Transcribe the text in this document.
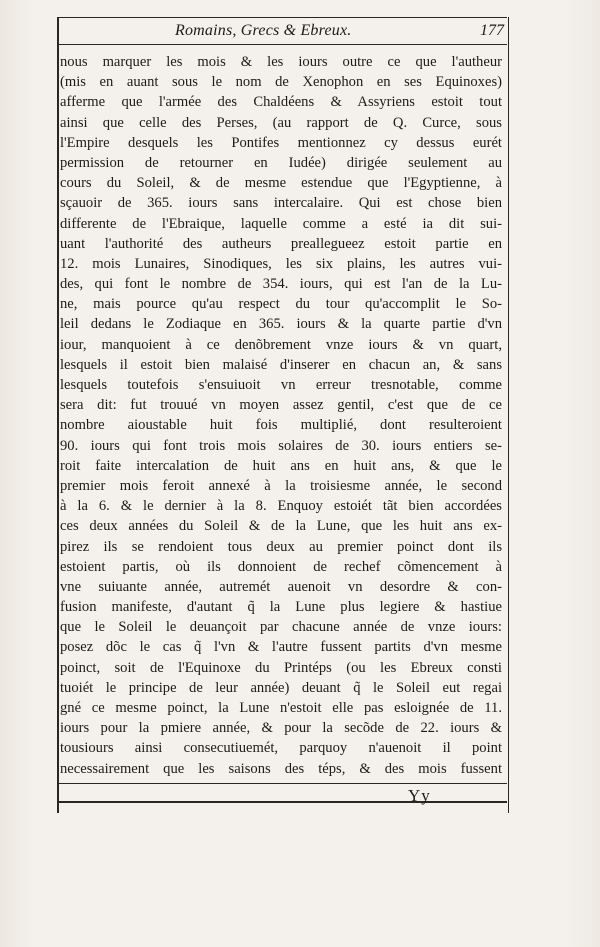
Romains, Grecs & Ebreux.	177
nous marquer les mois & les iours outre ce que l'autheur
(mis en auant sous le nom de Xenophon en ses Equinoxes)
afferme que l'armée des Chaldéens & Assyriens estoit tout
ainsi que celle des Perses, (au rapport de Q. Curce, sous
l'Empire desquels les Pontifes mentionnez cy dessus eurét
permission de retourner en Iudée) dirigée seulement au
cours du Soleil, & de mesme estendue que l'Egyptienne, à
sçauoir de 365. iours sans intercalaire. Qui est chose bien
differente de l'Ebraique, laquelle comme a esté ia dit sui-
uant l'authorité des autheurs preallegueez estoit partie en
12. mois Lunaires, Sinodiques, les six plains, les autres vui-
des, qui font le nombre de 354. iours, qui est l'an de la Lu-
ne, mais pource qu'au respect du tour qu'accomplit le So-
leil dedans le Zodiaque en 365. iours & la quarte partie d'vn
iour, manquoient à ce denõbrement vnze iours & vn quart,
lesquels il estoit bien malaisé d'inserer en chacun an, & sans
lesquels toutefois s'ensuiuoit vn erreur tresnotable, comme
sera dit: fut trouué vn moyen assez gentil, c'est que de ce
nombre aioustable huit fois multiplié, dont resulteroient
90. iours qui font trois mois solaires de 30. iours entiers se-
roit faite intercalation de huit ans en huit ans, & que le
premier mois feroit annexé à la troisiesme année, le second
à la 6. & le dernier à la 8. Enquoy estoiét tãt bien accordées
ces deux années du Soleil & de la Lune, que les huit ans ex-
pirez ils se rendoient tous deux au premier poinct dont ils
estoient partis, où ils donnoient de rechef cõmencement à
vne suiuante année, autremét auenoit vn desordre & con-
fusion manifeste, d'autant q̃ la Lune plus legiere & hastiue
que le Soleil le deuançoit par chacune année de vnze iours:
posez dõc le cas q̃ l'vn & l'autre fussent partits d'vn mesme
poinct, soit de l'Equinoxe du Printéps (ou les Ebreux consti
tuoiét le principe de leur année) deuant q̃ le Soleil eut regai
gné ce mesme poinct, la Lune n'estoit elle pas esloignée de 11.
iours pour la pmiere année, & pour la secõde de 22. iours &
tousiours ainsi consecutiuemét, parquoy n'auenoit il point
necessairement que les saisons des téps, & des mois fussent
Yy
